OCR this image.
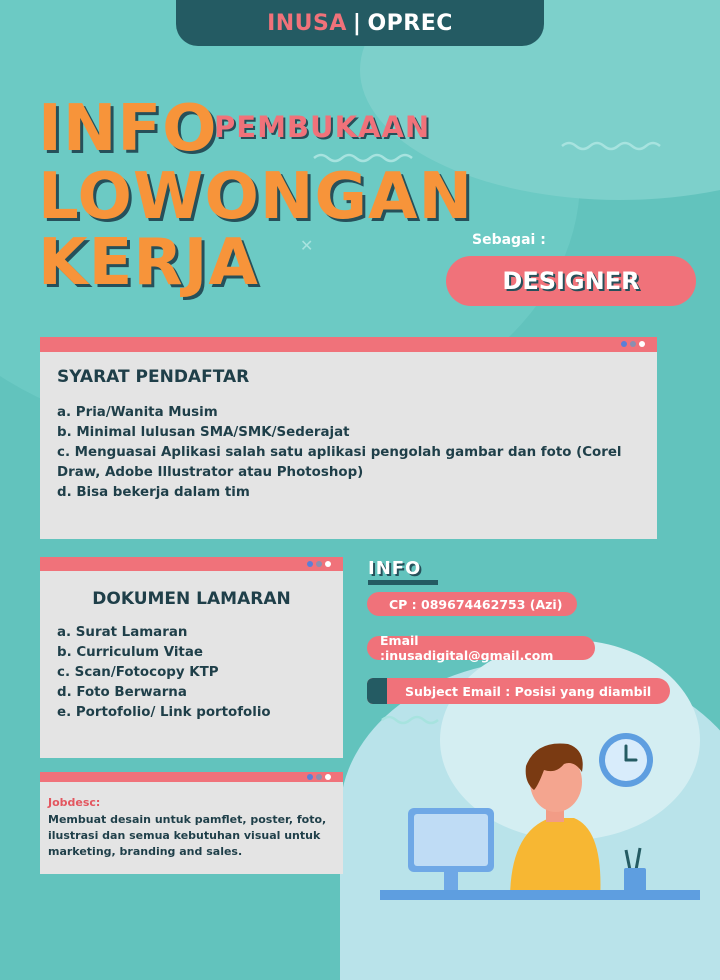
INUSA | OPREC
✕
INFO
PEMBUKAAN
LOWONGAN
KERJA	Sebagai :
DESIGNER
SYARAT PENDAFTAR
a. Pria/Wanita Musim
b. Minimal lulusan SMA/SMK/Sederajat
c. Menguasai Aplikasi salah satu aplikasi pengolah gambar dan foto (Corel Draw, Adobe Illustrator atau Photoshop)
d. Bisa bekerja dalam tim
DOKUMEN LAMARAN
a. Surat Lamaran
b. Curriculum Vitae
c. Scan/Fotocopy KTP
d. Foto Berwarna
e. Portofolio/ Link portofolio
Jobdesc:
Membuat desain untuk pamflet, poster, foto, ilustrasi dan semua kebutuhan visual untuk marketing, branding and sales.
INFO
CP : 089674462753 (Azi)
Email :inusadigital@gmail.com
Subject Email : Posisi yang diambil
